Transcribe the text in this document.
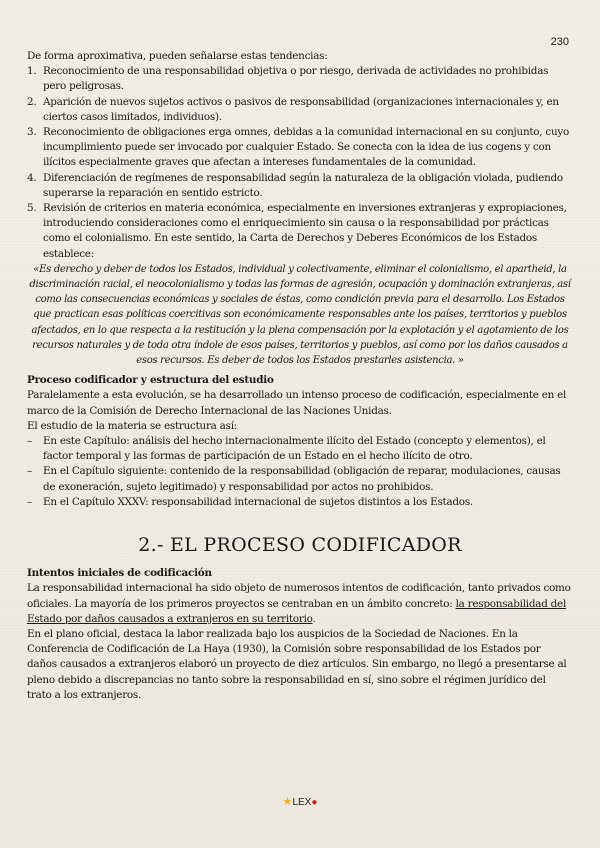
230

De forma aproximativa, pueden señalarse estas tendencias:

1. Reconocimiento de una responsabilidad objetiva o por riesgo, derivada de actividades no prohibidas pero peligrosas.
2. Aparición de nuevos sujetos activos o pasivos de responsabilidad (organizaciones internacionales y, en ciertos casos limitados, individuos).
3. Reconocimiento de obligaciones erga omnes, debidas a la comunidad internacional en su conjunto, cuyo incumplimiento puede ser invocado por cualquier Estado. Se conecta con la idea de ius cogens y con ilícitos especialmente graves que afectan a intereses fundamentales de la comunidad.
4. Diferenciación de regímenes de responsabilidad según la naturaleza de la obligación violada, pudiendo superarse la reparación en sentido estricto.
5. Revisión de criterios en materia económica, especialmente en inversiones extranjeras y expropiaciones, introduciendo consideraciones como el enriquecimiento sin causa o la responsabilidad por prácticas como el colonialismo. En este sentido, la Carta de Derechos y Deberes Económicos de los Estados establece:

«Es derecho y deber de todos los Estados, individual y colectivamente, eliminar el colonialismo, el apartheid, la discriminación racial, el neocolonialismo y todas las formas de agresión, ocupación y dominación extranjeras, así como las consecuencias económicas y sociales de éstas, como condición previa para el desarrollo. Los Estados que practican esas políticas coercitivas son económicamente responsables ante los países, territorios y pueblos afectados, en lo que respecta a la restitución y la plena compensación por la explotación y el agotamiento de los recursos naturales y de toda otra índole de esos países, territorios y pueblos, así como por los daños causados a esos recursos. Es deber de todos los Estados prestarles asistencia. »

Proceso codificador y estructura del estudio

Paralelamente a esta evolución, se ha desarrollado un intenso proceso de codificación, especialmente en el marco de la Comisión de Derecho Internacional de las Naciones Unidas.

El estudio de la materia se estructura así:

– En este Capítulo: análisis del hecho internacionalmente ilícito del Estado (concepto y elementos), el factor temporal y las formas de participación de un Estado en el hecho ilícito de otro.
– En el Capítulo siguiente: contenido de la responsabilidad (obligación de reparar, modulaciones, causas de exoneración, sujeto legitimado) y responsabilidad por actos no prohibidos.
– En el Capítulo XXXV: responsabilidad internacional de sujetos distintos a los Estados.
2.- EL PROCESO CODIFICADOR

Intentos iniciales de codificación

La responsabilidad internacional ha sido objeto de numerosos intentos de codificación, tanto privados como oficiales. La mayoría de los primeros proyectos se centraban en un ámbito concreto: la responsabilidad del Estado por daños causados a extranjeros en su territorio.

En el plano oficial, destaca la labor realizada bajo los auspicios de la Sociedad de Naciones. En la Conferencia de Codificación de La Haya (1930), la Comisión sobre responsabilidad de los Estados por daños causados a extranjeros elaboró un proyecto de diez artículos. Sin embargo, no llegó a presentarse al pleno debido a discrepancias no tanto sobre la responsabilidad en sí, sino sobre el régimen jurídico del trato a los extranjeros.

★LEX●
